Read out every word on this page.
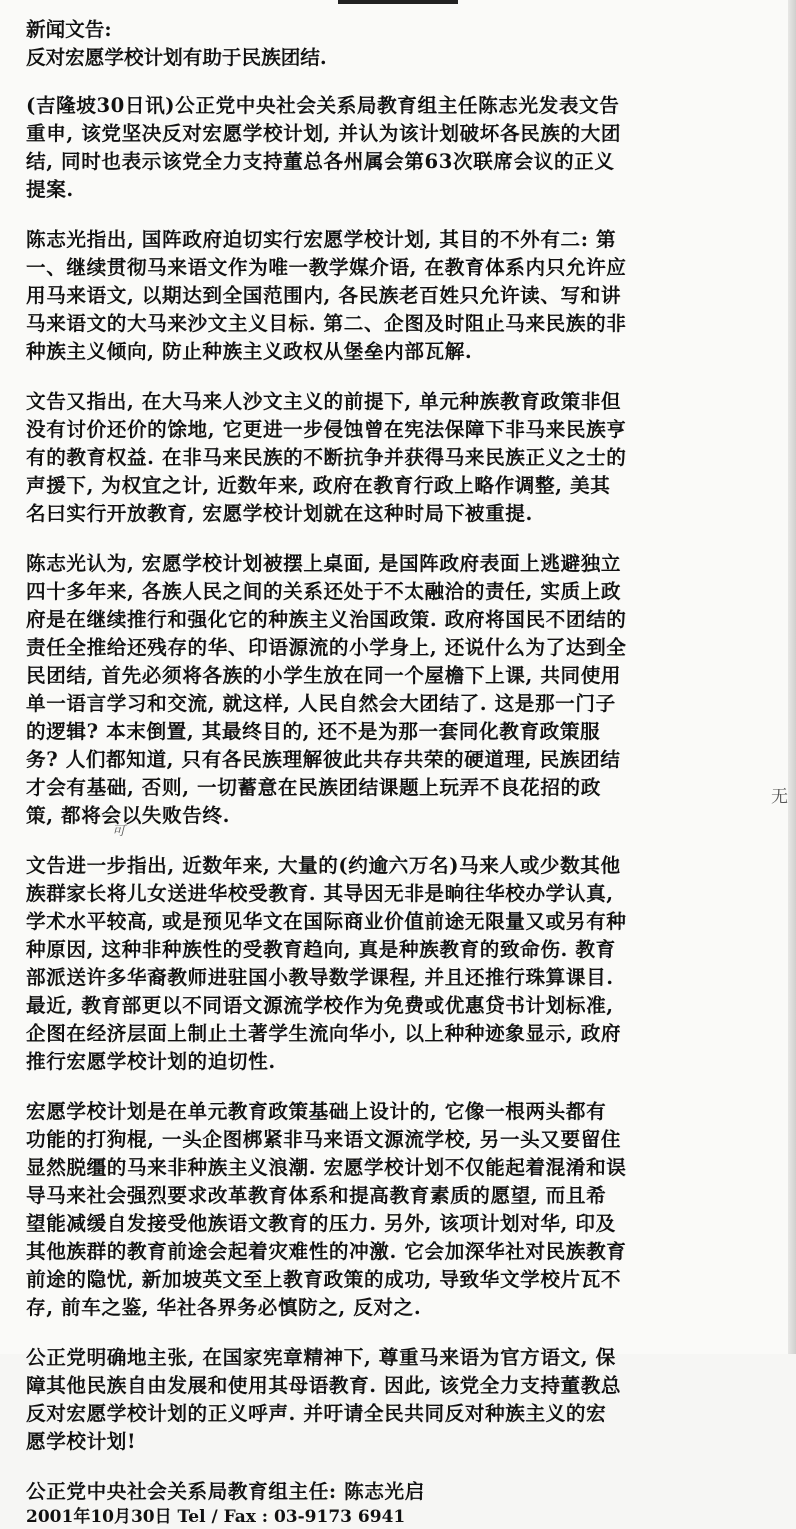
新闻文告:
反对宏愿学校计划有助于民族团结.
(吉隆坡30日讯)公正党中央社会关系局教育组主任陈志光发表文告
重申, 该党坚决反对宏愿学校计划, 并认为该计划破坏各民族的大团
结, 同时也表示该党全力支持董总各州属会第63次联席会议的正义
提案.
陈志光指出, 国阵政府迫切实行宏愿学校计划, 其目的不外有二: 第
一、继续贯彻马来语文作为唯一教学媒介语, 在教育体系内只允许应
用马来语文, 以期达到全国范围内, 各民族老百姓只允许读、写和讲
马来语文的大马来沙文主义目标. 第二、企图及时阻止马来民族的非
种族主义倾向, 防止种族主义政权从堡垒内部瓦解.
文告又指出, 在大马来人沙文主义的前提下, 单元种族教育政策非但
没有讨价还价的馀地, 它更进一步侵蚀曾在宪法保障下非马来民族亨
有的教育权益. 在非马来民族的不断抗争并获得马来民族正义之士的
声援下, 为权宜之计, 近数年来, 政府在教育行政上略作调整, 美其
名曰实行开放教育, 宏愿学校计划就在这种时局下被重提.
陈志光认为, 宏愿学校计划被摆上桌面, 是国阵政府表面上逃避独立
四十多年来, 各族人民之间的关系还处于不太融洽的责任, 实质上政
府是在继续推行和强化它的种族主义治国政策. 政府将国民不团结的
责任全推给还残存的华、印语源流的小学身上, 还说什么为了达到全
民团结, 首先必须将各族的小学生放在同一个屋檐下上课, 共同使用
单一语言学习和交流, 就这样, 人民自然会大团结了. 这是那一门子
的逻辑? 本末倒置, 其最终目的, 还不是为那一套同化教育政策服
务? 人们都知道, 只有各民族理解彼此共存共荣的硬道理, 民族团结
才会有基础, 否则, 一切蓄意在民族团结课题上玩弄不良花招的政
策, 都将会以失败告终.
文告进一步指出, 近数年来, 大量的(约逾六万名)马来人或少数其他
族群家长将儿女送进华校受教育. 其导因无非是晌往华校办学认真,
学术水平较高, 或是预见华文在国际商业价值前途无限量又或另有种
种原因, 这种非种族性的受教育趋向, 真是种族教育的致命伤. 教育
部派送许多华裔教师进驻国小教导数学课程, 并且还推行珠算课目.
最近, 教育部更以不同语文源流学校作为免费或优惠贷书计划标准,
企图在经济层面上制止土著学生流向华小, 以上种种迹象显示, 政府
推行宏愿学校计划的迫切性.
宏愿学校计划是在单元教育政策基础上设计的, 它像一根两头都有
功能的打狗棍, 一头企图梆紧非马来语文源流学校, 另一头又要留住
显然脱缰的马来非种族主义浪潮. 宏愿学校计划不仅能起着混淆和误
导马来社会强烈要求改革教育体系和提高教育素质的愿望, 而且希
望能减缓自发接受他族语文教育的压力. 另外, 该项计划对华, 印及
其他族群的教育前途会起着灾难性的冲激. 它会加深华社对民族教育
前途的隐忧, 新加坡英文至上教育政策的成功, 导致华文学校片瓦不
存, 前车之鉴, 华社各界务必慎防之, 反对之.
公正党明确地主张, 在国家宪章精神下, 尊重马来语为官方语文, 保
障其他民族自由发展和使用其母语教育. 因此, 该党全力支持董教总
反对宏愿学校计划的正义呼声. 并吁请全民共同反对种族主义的宏
愿学校计划!
公正党中央社会关系局教育组主任: 陈志光启
2001年10月30日 Tel / Fax : 03-9173 6941
无
可
